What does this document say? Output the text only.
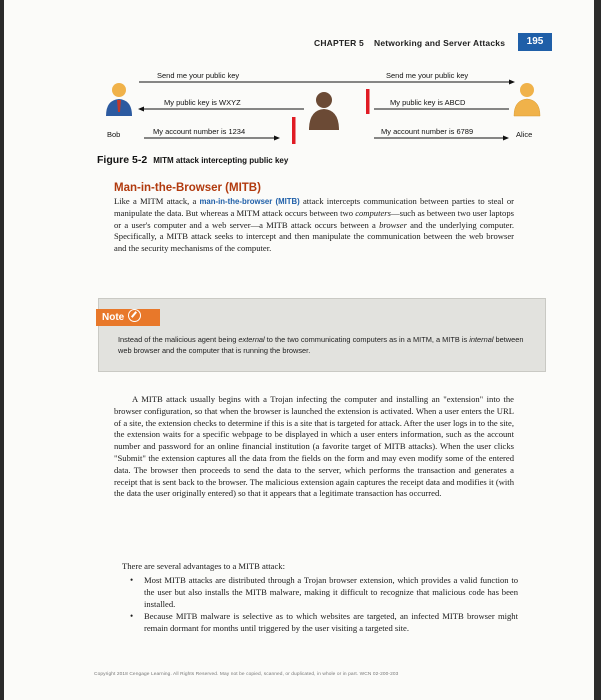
CHAPTER 5 Networking and Server Attacks	195
Bob	Alice
Send me your public key	Send me your public key
My public key is WXYZ	My public key is ABCD
My account number is 1234	My account number is 6789
Figure 5-2 MITM attack intercepting public key
Man-in-the-Browser (MITB)
Like a MITM attack, a man-in-the-browser (MITB) attack intercepts communication between parties to steal or manipulate the data. But whereas a MITM attack occurs between two computers—such as between two user laptops or a user's computer and a web server—a MITB attack occurs between a browser and the underlying computer. Specifically, a MITB attack seeks to intercept and then manipulate the communication between the web browser and the security mechanisms of the computer.
Note
Instead of the malicious agent being external to the two communicating computers as in a MITM, a MITB is internal between web browser and the computer that is running the browser.
A MITB attack usually begins with a Trojan infecting the computer and installing an "extension" into the browser configuration, so that when the browser is launched the extension is activated. When a user enters the URL of a site, the extension checks to determine if this is a site that is targeted for attack. After the user logs in to the site, the extension waits for a specific webpage to be displayed in which a user enters information, such as the account number and password for an online financial institution (a favorite target of MITB attacks). When the user clicks "Submit" the extension captures all the data from the fields on the form and may even modify some of the entered data. The browser then proceeds to send the data to the server, which performs the transaction and generates a receipt that is sent back to the browser. The malicious extension again captures the receipt data and modifies it (with the data the user originally entered) so that it appears that a legitimate transaction has occurred.
There are several advantages to a MITB attack:
• Most MITB attacks are distributed through a Trojan browser extension, which provides a valid function to the user but also installs the MITB malware, making it difficult to recognize that malicious code has been installed.
• Because MITB malware is selective as to which websites are targeted, an infected MITB browser might remain dormant for months until triggered by the user visiting a targeted site.
Copyright 2018 Cengage Learning. All Rights Reserved. May not be copied, scanned, or duplicated, in whole or in part. WCN 02-200-203
